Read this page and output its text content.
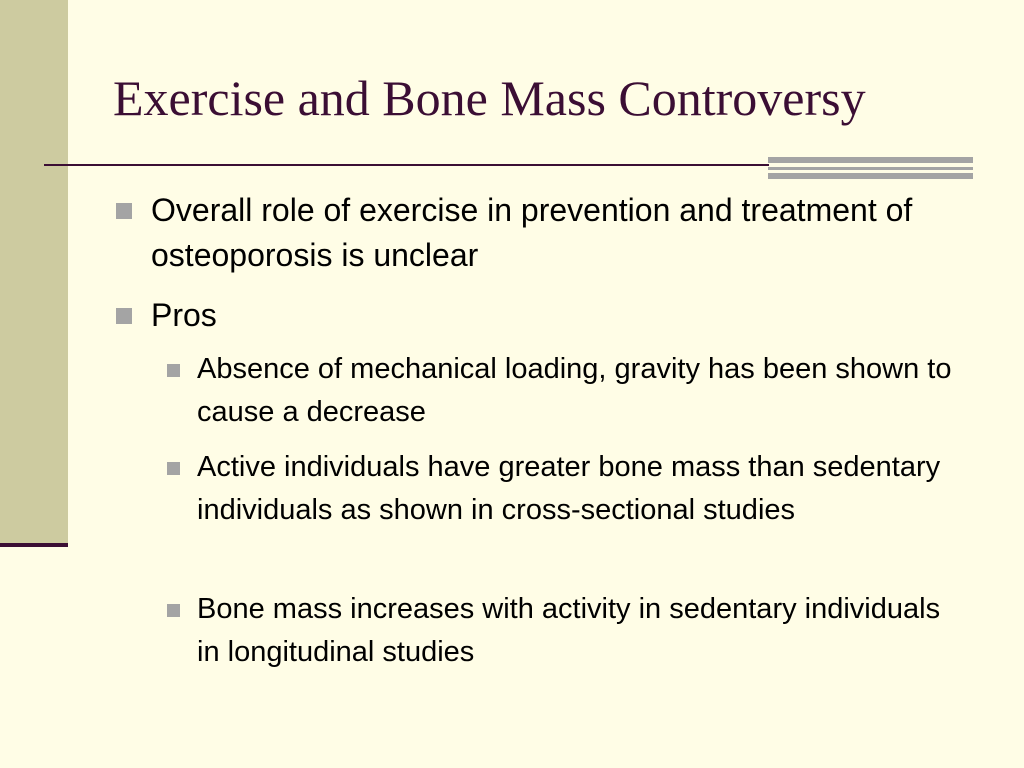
Exercise and Bone Mass Controversy
Overall role of exercise in prevention and treatment of osteoporosis is unclear
Pros
Absence of mechanical loading, gravity has been shown to cause a decrease
Active individuals have greater bone mass than sedentary individuals as shown in cross-sectional studies
Bone mass increases with activity in sedentary individuals in longitudinal studies
